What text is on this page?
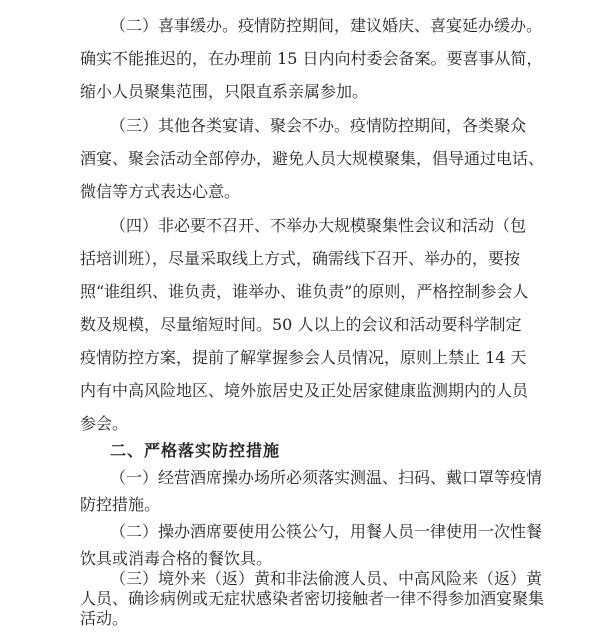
（二）喜事缓办。疫情防控期间，建议婚庆、喜宴延办缓办。
确实不能推迟的，在办理前 15 日内向村委会备案。要喜事从简，
缩小人员聚集范围，只限直系亲属参加。
（三）其他各类宴请、聚会不办。疫情防控期间，各类聚众
酒宴、聚会活动全部停办，避免人员大规模聚集，倡导通过电话、
微信等方式表达心意。
（四）非必要不召开、不举办大规模聚集性会议和活动（包
括培训班），尽量采取线上方式，确需线下召开、举办的，要按
照“谁组织、谁负责，谁举办、谁负责”的原则，严格控制参会人
数及规模，尽量缩短时间。50 人以上的会议和活动要科学制定
疫情防控方案，提前了解掌握参会人员情况，原则上禁止 14 天
内有中高风险地区、境外旅居史及正处居家健康监测期内的人员
参会。
二、严格落实防控措施
（一）经营酒席操办场所必须落实测温、扫码、戴口罩等疫情
防控措施。
（二）操办酒席要使用公筷公勺，用餐人员一律使用一次性餐
饮具或消毒合格的餐饮具。
（三）境外来（返）黄和非法偷渡人员、中高风险来（返）黄
人员、确诊病例或无症状感染者密切接触者一律不得参加酒宴聚集
活动。
